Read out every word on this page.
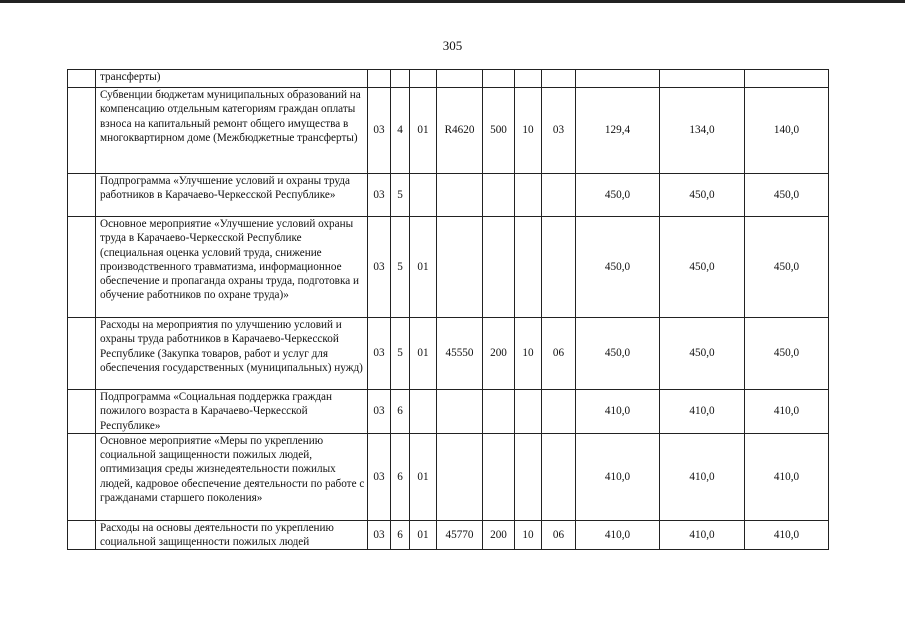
305
	трансферты)										
	Субвенции бюджетам муниципальных образований на компенсацию отдельным категориям граждан оплаты взноса на капитальный ремонт общего имущества в многоквартирном доме (Межбюджетные трансферты)	03	4	01	R4620	500	10	03	129,4	134,0	140,0
	Подпрограмма «Улучшение условий и охраны труда работников в Карачаево-Черкесской Республике»	03	5						450,0	450,0	450,0
	Основное мероприятие «Улучшение условий охраны труда в Карачаево-Черкесской Республике (специальная оценка условий труда, снижение производственного травматизма, информационное обеспечение и пропаганда охраны труда, подготовка и обучение работников по охране труда)»	03	5	01					450,0	450,0	450,0
	Расходы на мероприятия по улучшению условий и охраны труда работников в Карачаево-Черкесской Республике (Закупка товаров, работ и услуг для обеспечения государственных (муниципальных) нужд)	03	5	01	45550	200	10	06	450,0	450,0	450,0
	Подпрограмма «Социальная поддержка граждан пожилого возраста в Карачаево-Черкесской Республике»	03	6						410,0	410,0	410,0
	Основное мероприятие «Меры по укреплению социальной защищенности пожилых людей, оптимизация среды жизнедеятельности пожилых людей, кадровое обеспечение деятельности по работе с гражданами старшего поколения»	03	6	01					410,0	410,0	410,0
	Расходы на основы деятельности по укреплению социальной защищенности пожилых людей	03	6	01	45770	200	10	06	410,0	410,0	410,0
